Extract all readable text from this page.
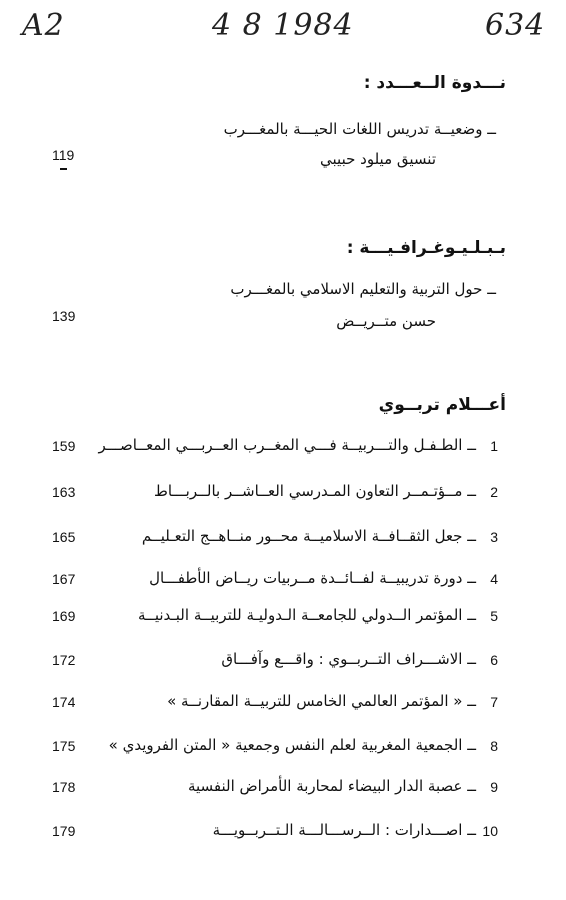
A2	4 8 1984	634
نـــدوة الــعـــدد :
ــ وضعيــة تدريس اللغات الحيـــة بالمغـــرب
تنسيق ميلود حبيبي
119
بـبـلـيـوغـرافـيـــة :
ــ حول التربية والتعليم الاسلامي بالمغـــرب
حسن متــريــض
139
أعـــلام تربــوي
159 ــ الطـفـل والتـــربيــة فـــي المغــرب العــربـــي المعــاصـــر 1
163	ــ مــؤتـمــر التعاون المـدرسي العــاشــر بالــربـــاط 2
165	ــ جعل الثقــافــة الاسلاميــة محــور منــاهــج التعـليــم 3
167	ــ دورة تدريبيــة لفــائــدة مــربيات ريــاض الأطفـــال 4
169	ــ المؤتمر الــدولي للجامعــة الـدوليـة للتربيــة البـدنيــة 5
172	ــ الاشـــراف التــربــوي : واقـــع وآفـــاق 6
174	ــ « المؤتمر العالمي الخامس للتربيــة المقارنــة » 7
175 ــ الجمعية المغربية لعلم النفس وجمعية « المتن الفرويدي » 8
178	ــ عصبة الدار البيضاء لمحاربة الأمراض النفسية 9
179	ــ اصـــدارات : الــرســـالـــة الـتــربــويـــة 10
